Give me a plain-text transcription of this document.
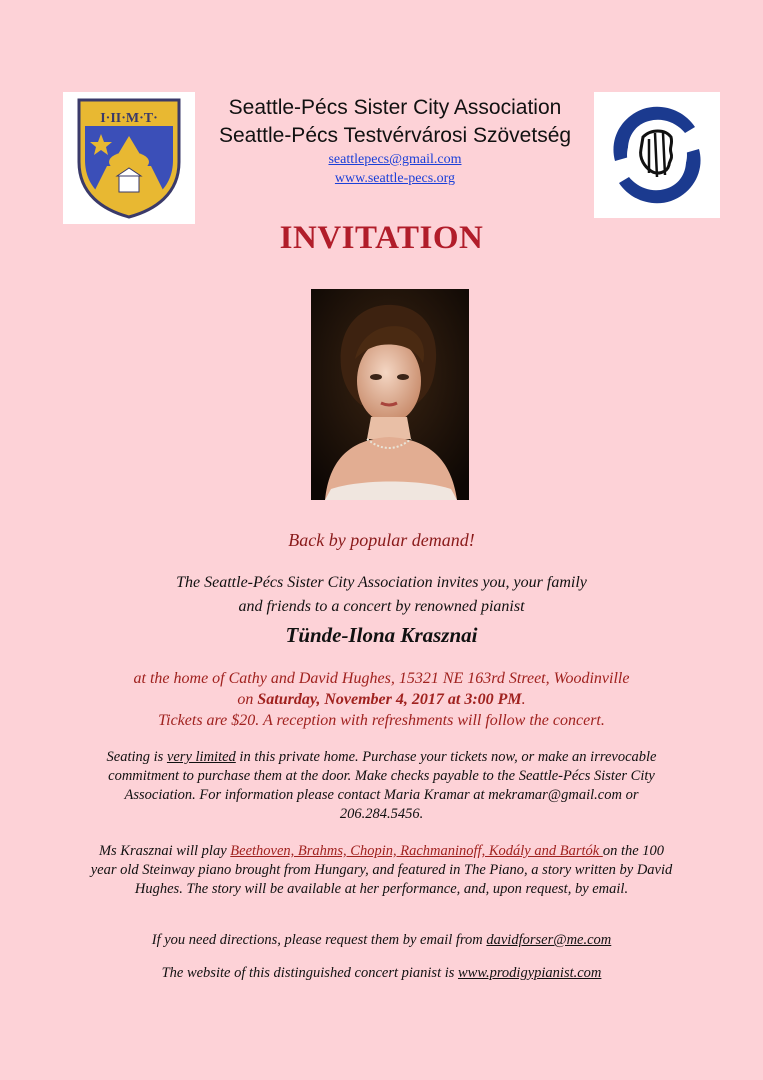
I·II·M·T·	Seattle-Pécs Sister City Association
Seattle-Pécs Testvérvárosi Szövetség
seattlepecs@gmail.com
www.seattle-pecs.org
INVITATION
Back by popular demand!
The Seattle-Pécs Sister City Association invites you, your family
and friends to a concert by renowned pianist
Tünde-Ilona Krasznai
at the home of Cathy and David Hughes, 15321 NE 163rd Street, Woodinville
on Saturday, November 4, 2017 at 3:00 PM.
Tickets are $20. A reception with refreshments will follow the concert.
Seating is very limited in this private home. Purchase your tickets now, or make an irrevocable commitment to purchase them at the door. Make checks payable to the Seattle-Pécs Sister City Association. For information please contact Maria Kramar at mekramar@gmail.com or 206.284.5456.
Ms Krasznai will play Beethoven, Brahms, Chopin, Rachmaninoff, Kodály and Bartók on the 100 year old Steinway piano brought from Hungary, and featured in The Piano, a story written by David Hughes. The story will be available at her performance, and, upon request, by email.
If you need directions, please request them by email from davidforser@me.com
The website of this distinguished concert pianist is www.prodigypianist.com
